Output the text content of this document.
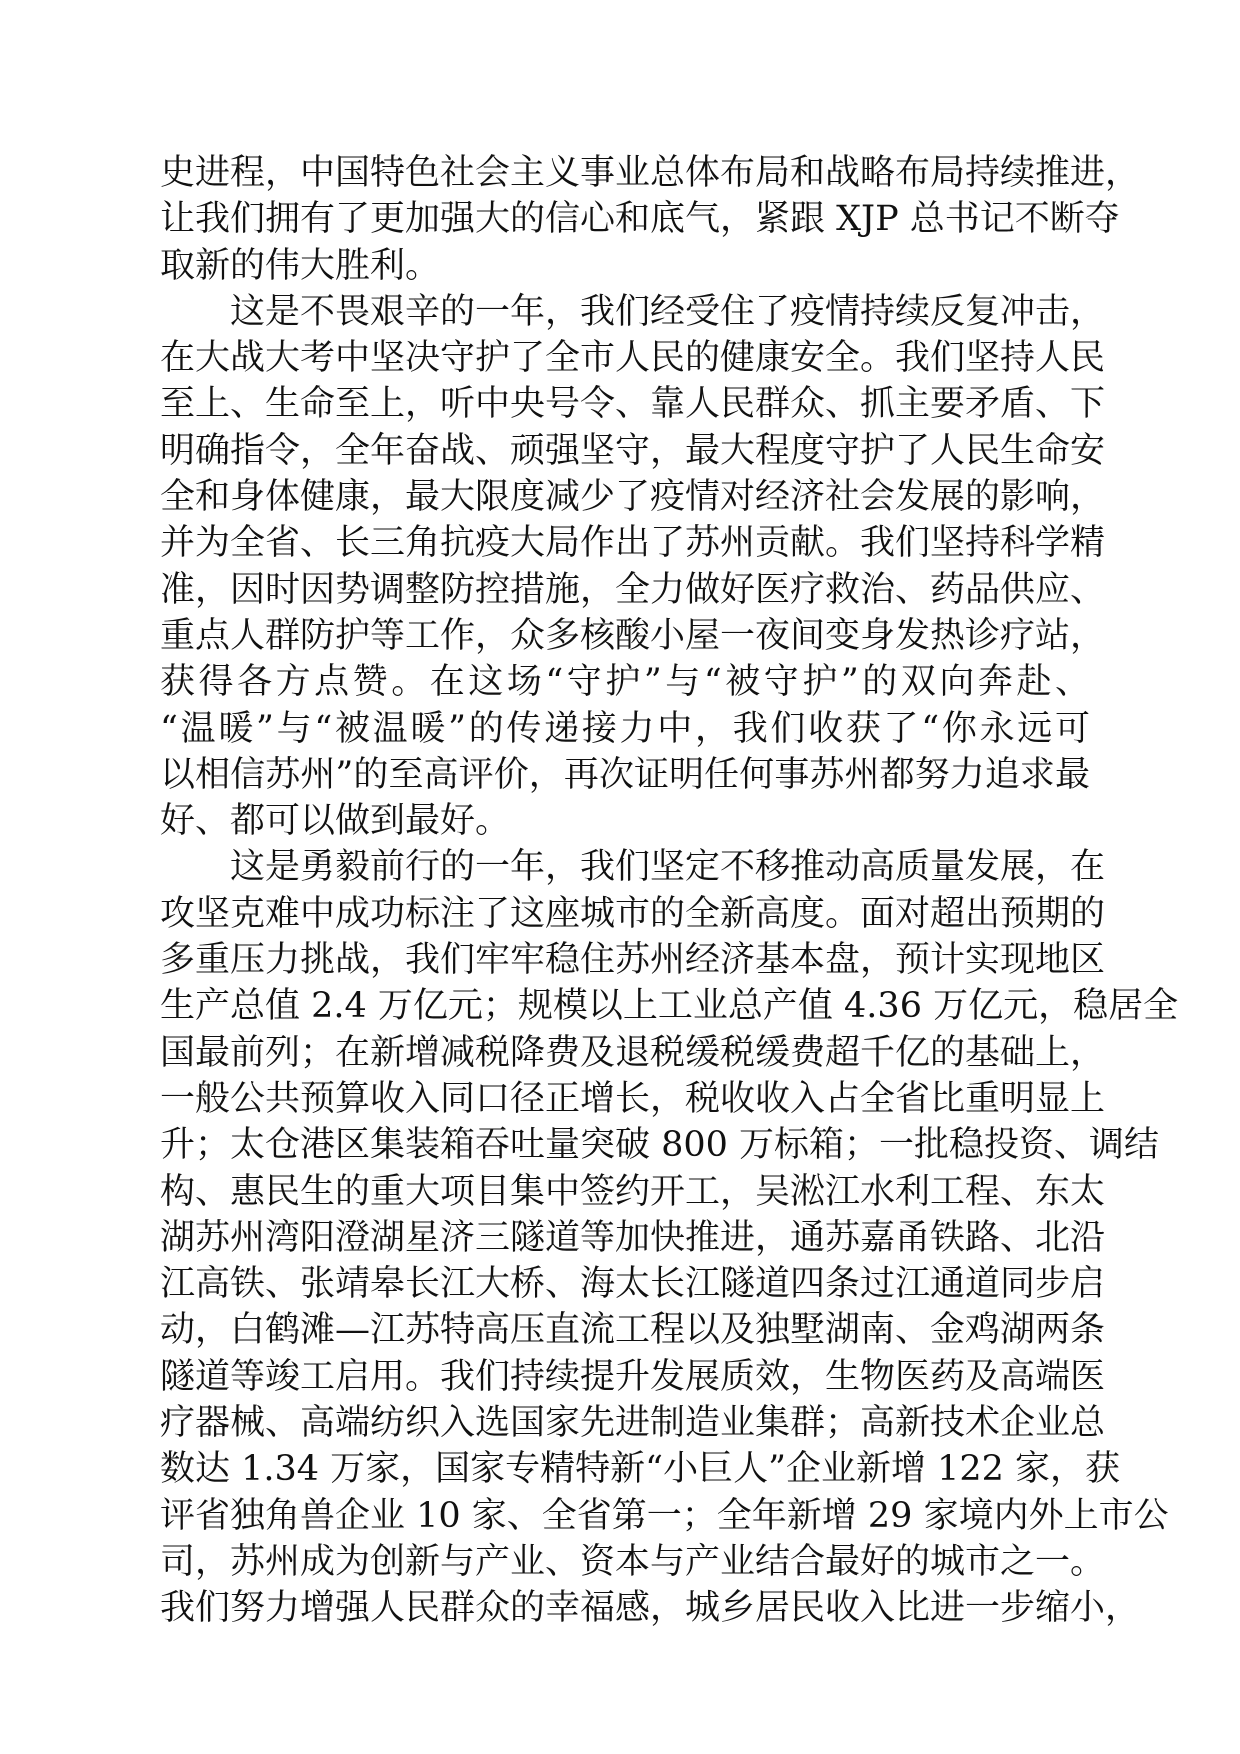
史进程，中国特色社会主义事业总体布局和战略布局持续推进，
让我们拥有了更加强大的信心和底气，紧跟 XJP 总书记不断夺
取新的伟大胜利。
这是不畏艰辛的一年，我们经受住了疫情持续反复冲击，
在大战大考中坚决守护了全市人民的健康安全。我们坚持人民
至上、生命至上，听中央号令、靠人民群众、抓主要矛盾、下
明确指令，全年奋战、顽强坚守，最大程度守护了人民生命安
全和身体健康，最大限度减少了疫情对经济社会发展的影响，
并为全省、长三角抗疫大局作出了苏州贡献。我们坚持科学精
准，因时因势调整防控措施，全力做好医疗救治、药品供应、
重点人群防护等工作，众多核酸小屋一夜间变身发热诊疗站，
获得各方点赞。在这场“守护”与“被守护”的双向奔赴、
“温暖”与“被温暖”的传递接力中，我们收获了“你永远可
以相信苏州”的至高评价，再次证明任何事苏州都努力追求最
好、都可以做到最好。
这是勇毅前行的一年，我们坚定不移推动高质量发展，在
攻坚克难中成功标注了这座城市的全新高度。面对超出预期的
多重压力挑战，我们牢牢稳住苏州经济基本盘，预计实现地区
生产总值 2.4 万亿元；规模以上工业总产值 4.36 万亿元，稳居全
国最前列；在新增减税降费及退税缓税缓费超千亿的基础上，
一般公共预算收入同口径正增长，税收收入占全省比重明显上
升；太仓港区集装箱吞吐量突破 800 万标箱；一批稳投资、调结
构、惠民生的重大项目集中签约开工，吴淞江水利工程、东太
湖苏州湾阳澄湖星济三隧道等加快推进，通苏嘉甬铁路、北沿
江高铁、张靖皋长江大桥、海太长江隧道四条过江通道同步启
动，白鹤滩—江苏特高压直流工程以及独墅湖南、金鸡湖两条
隧道等竣工启用。我们持续提升发展质效，生物医药及高端医
疗器械、高端纺织入选国家先进制造业集群；高新技术企业总
数达 1.34 万家，国家专精特新“小巨人”企业新增 122 家，获
评省独角兽企业 10 家、全省第一；全年新增 29 家境内外上市公
司，苏州成为创新与产业、资本与产业结合最好的城市之一。
我们努力增强人民群众的幸福感，城乡居民收入比进一步缩小，
